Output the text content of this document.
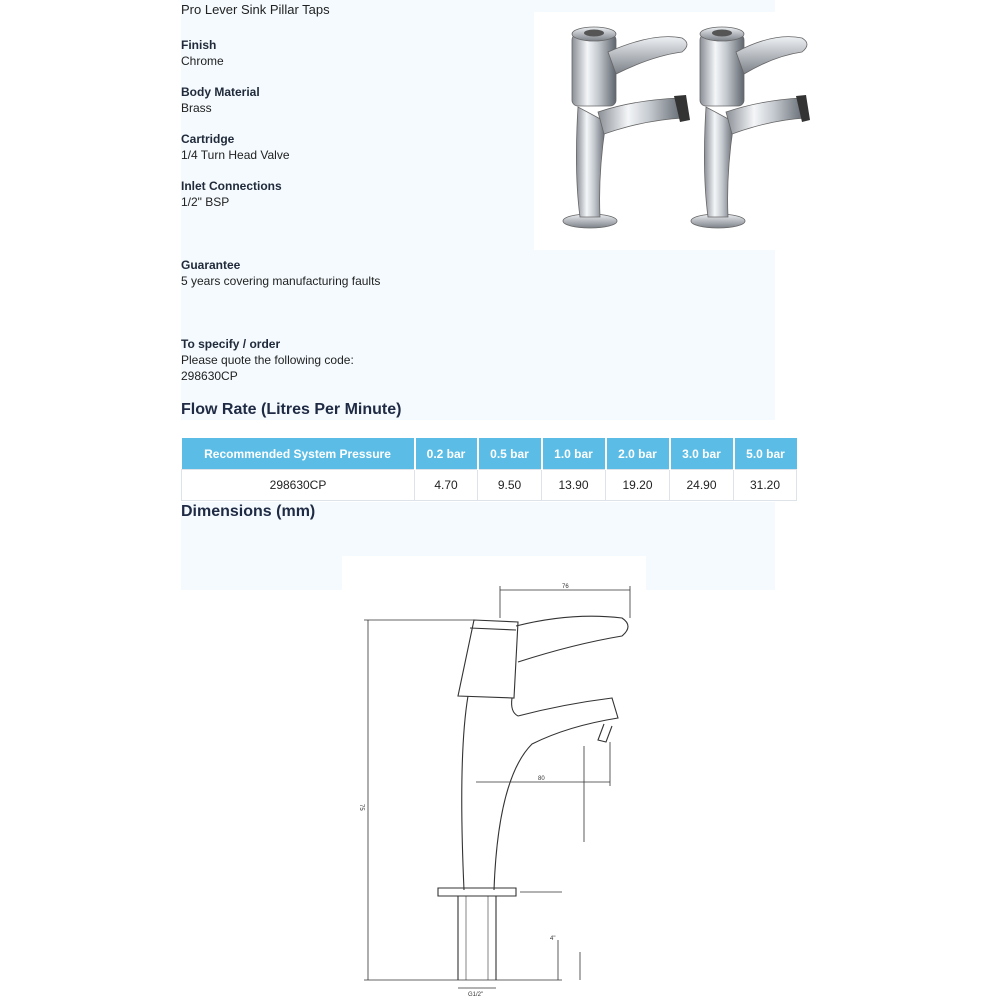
Pro Lever Sink Pillar Taps
Finish
Chrome
Body Material
Brass
Cartridge
1/4 Turn Head Valve
Inlet Connections
1/2" BSP
Guarantee
5 years covering manufacturing faults
To specify / order
Please quote the following code:
298630CP
Flow Rate (Litres Per Minute)
Recommended System Pressure	0.2 bar	0.5 bar	1.0 bar	2.0 bar	3.0 bar	5.0 bar
298630CP	4.70	9.50	13.90	19.20	24.90	31.20
Dimensions (mm)
76
75
80
4"
G1/2"
